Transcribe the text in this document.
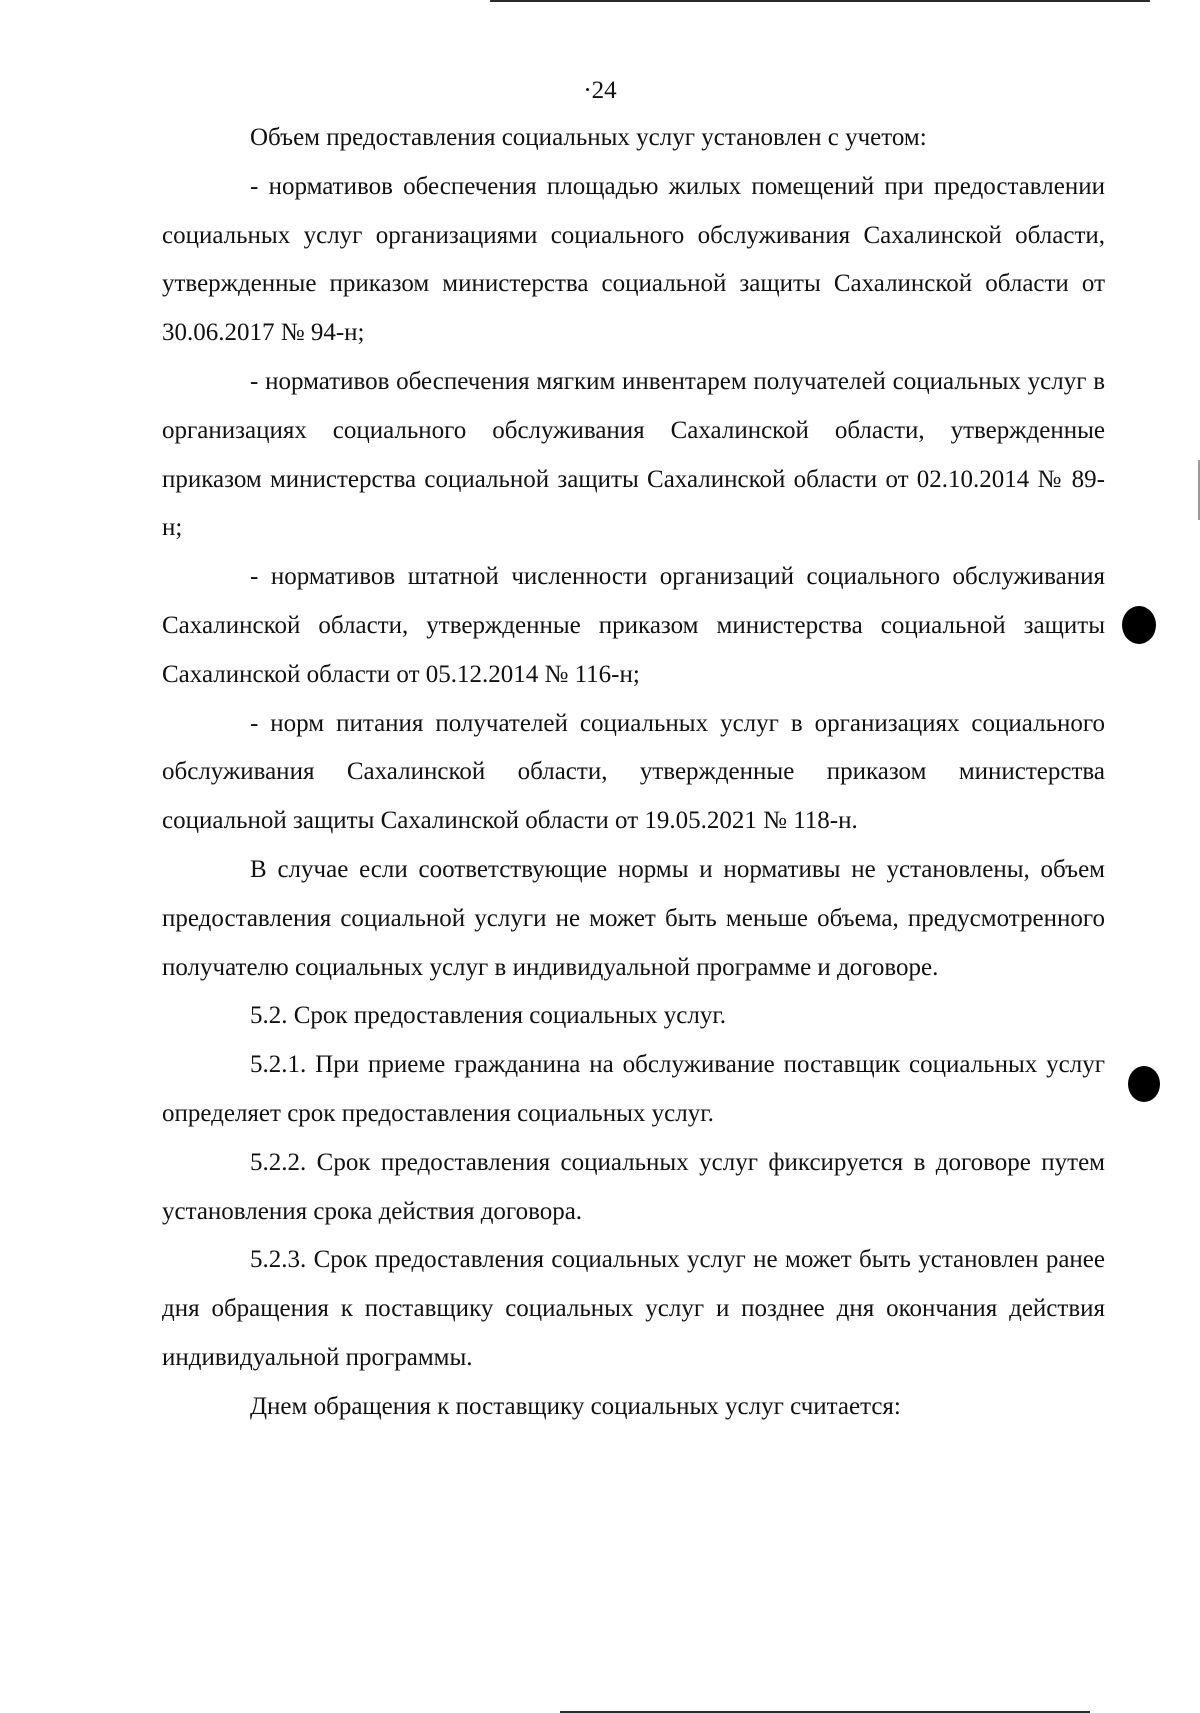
·24

Объем предоставления социальных услуг установлен с учетом:

- нормативов обеспечения площадью жилых помещений при предоставлении социальных услуг организациями социального обслуживания Сахалинской области, утвержденные приказом министерства социальной защиты Сахалинской области от 30.06.2017 № 94-н;

- нормативов обеспечения мягким инвентарем получателей социальных услуг в организациях социального обслуживания Сахалинской области, утвержденные приказом министерства социальной защиты Сахалинской области от 02.10.2014 № 89-н;

- нормативов штатной численности организаций социального обслуживания Сахалинской области, утвержденные приказом министерства социальной защиты Сахалинской области от 05.12.2014 № 116-н;

- норм питания получателей социальных услуг в организациях социального обслуживания Сахалинской области, утвержденные приказом министерства социальной защиты Сахалинской области от 19.05.2021 № 118-н.

В случае если соответствующие нормы и нормативы не установлены, объем предоставления социальной услуги не может быть меньше объема, предусмотренного получателю социальных услуг в индивидуальной программе и договоре.

5.2. Срок предоставления социальных услуг.

5.2.1. При приеме гражданина на обслуживание поставщик социальных услуг определяет срок предоставления социальных услуг.

5.2.2. Срок предоставления социальных услуг фиксируется в договоре путем установления срока действия договора.

5.2.3. Срок предоставления социальных услуг не может быть установлен ранее дня обращения к поставщику социальных услуг и позднее дня окончания действия индивидуальной программы.

Днем обращения к поставщику социальных услуг считается:
